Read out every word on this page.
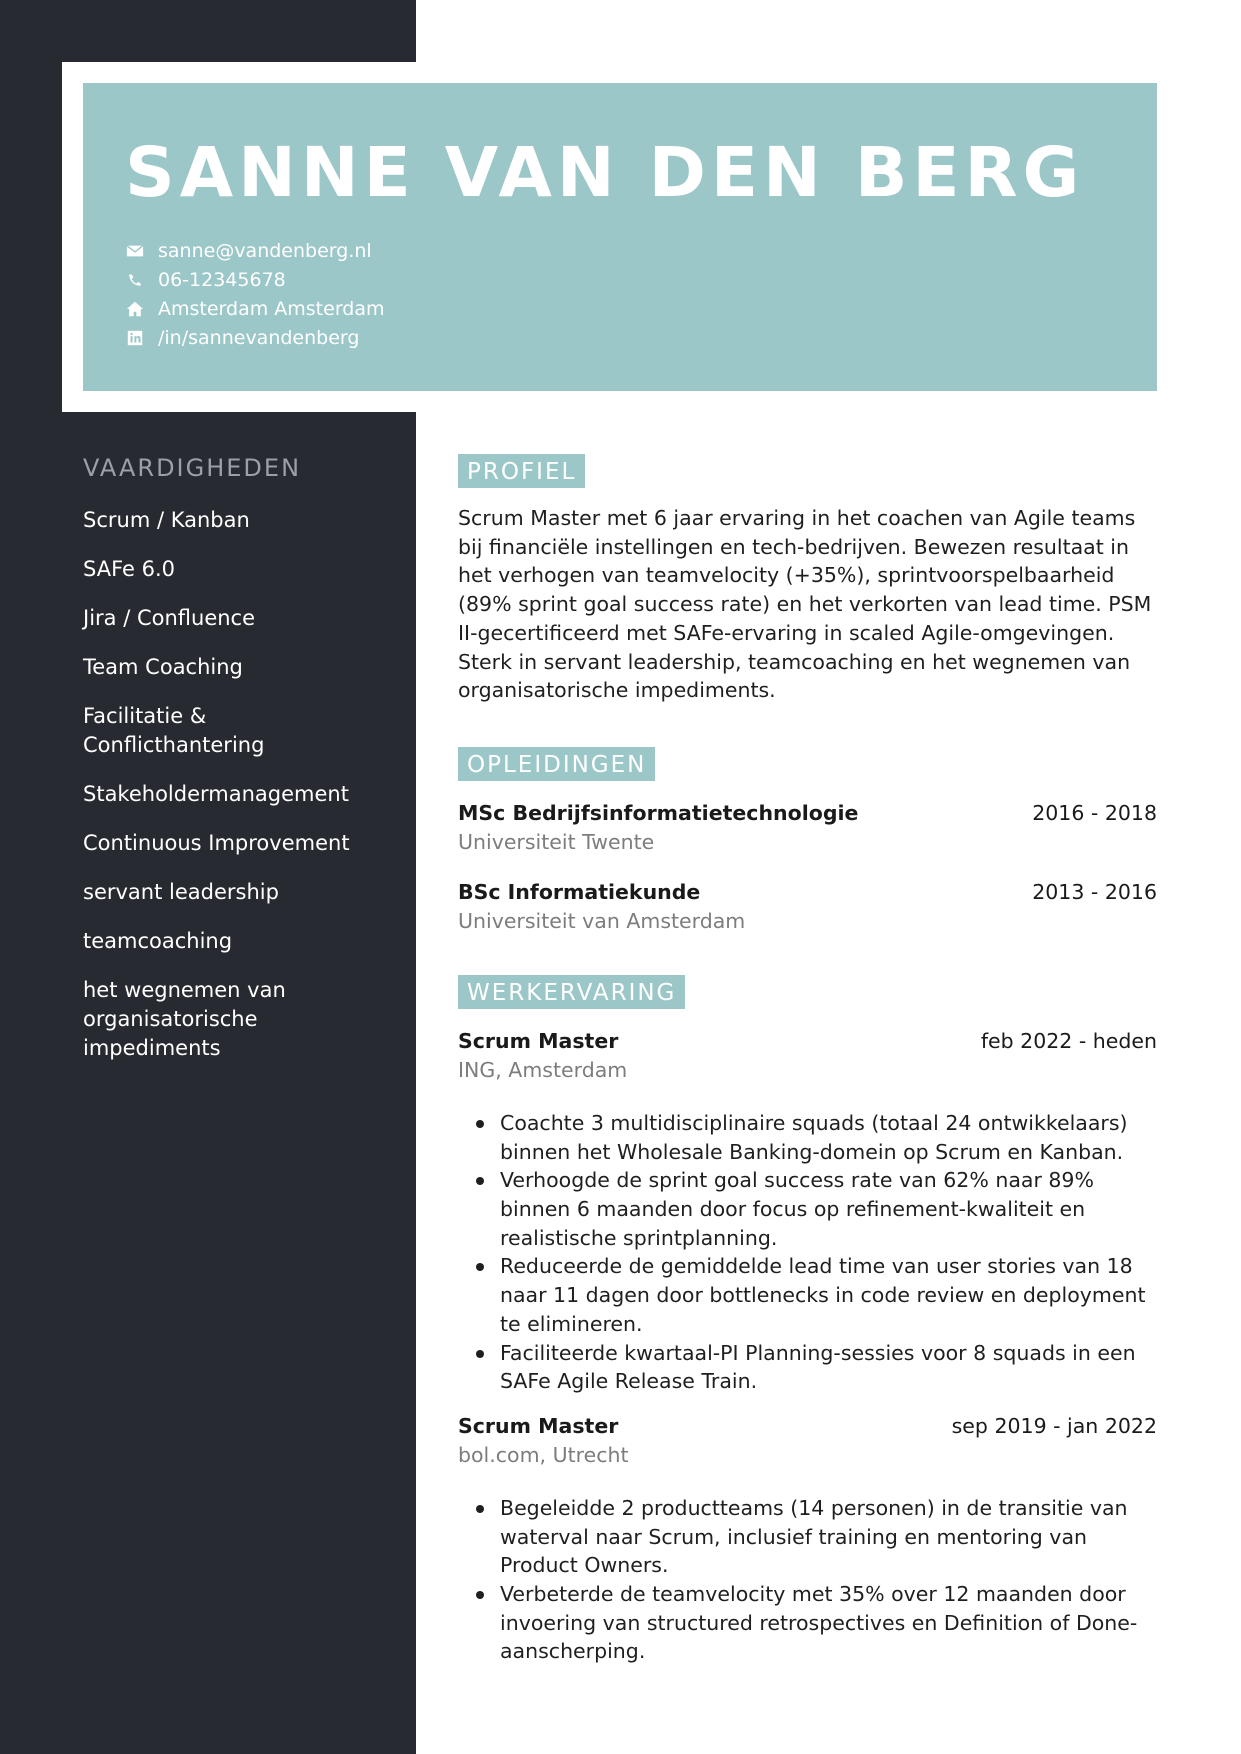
SANNE VAN DEN BERG
sanne@vandenberg.nl
06-12345678
Amsterdam Amsterdam
/in/sannevandenberg
VAARDIGHEDEN
Scrum / Kanban
SAFe 6.0
Jira / Confluence
Team Coaching
Facilitatie & Conflicthantering
Stakeholdermanagement
Continuous Improvement
servant leadership
teamcoaching
het wegnemen van organisatorische impediments
PROFIEL

Scrum Master met 6 jaar ervaring in het coachen van Agile teams bij financiële instellingen en tech-bedrijven. Bewezen resultaat in het verhogen van teamvelocity (+35%), sprintvoorspelbaarheid (89% sprint goal success rate) en het verkorten van lead time. PSM II-gecertificeerd met SAFe-ervaring in scaled Agile-omgevingen. Sterk in servant leadership, teamcoaching en het wegnemen van organisatorische impediments.

OPLEIDINGEN
MSc Bedrijfsinformatietechnologie	2016 - 2018
Universiteit Twente
BSc Informatiekunde	2013 - 2016
Universiteit van Amsterdam
WERKERVARING
Scrum Master	feb 2022 - heden
ING, Amsterdam
Coachte 3 multidisciplinaire squads (totaal 24 ontwikkelaars) binnen het Wholesale Banking-domein op Scrum en Kanban.
Verhoogde de sprint goal success rate van 62% naar 89% binnen 6 maanden door focus op refinement-kwaliteit en realistische sprintplanning.
Reduceerde de gemiddelde lead time van user stories van 18 naar 11 dagen door bottlenecks in code review en deployment te elimineren.
Faciliteerde kwartaal-PI Planning-sessies voor 8 squads in een SAFe Agile Release Train.
Scrum Master	sep 2019 - jan 2022
bol.com, Utrecht
Begeleidde 2 productteams (14 personen) in de transitie van waterval naar Scrum, inclusief training en mentoring van Product Owners.
Verbeterde de teamvelocity met 35% over 12 maanden door invoering van structured retrospectives en Definition of Done-aanscherping.
